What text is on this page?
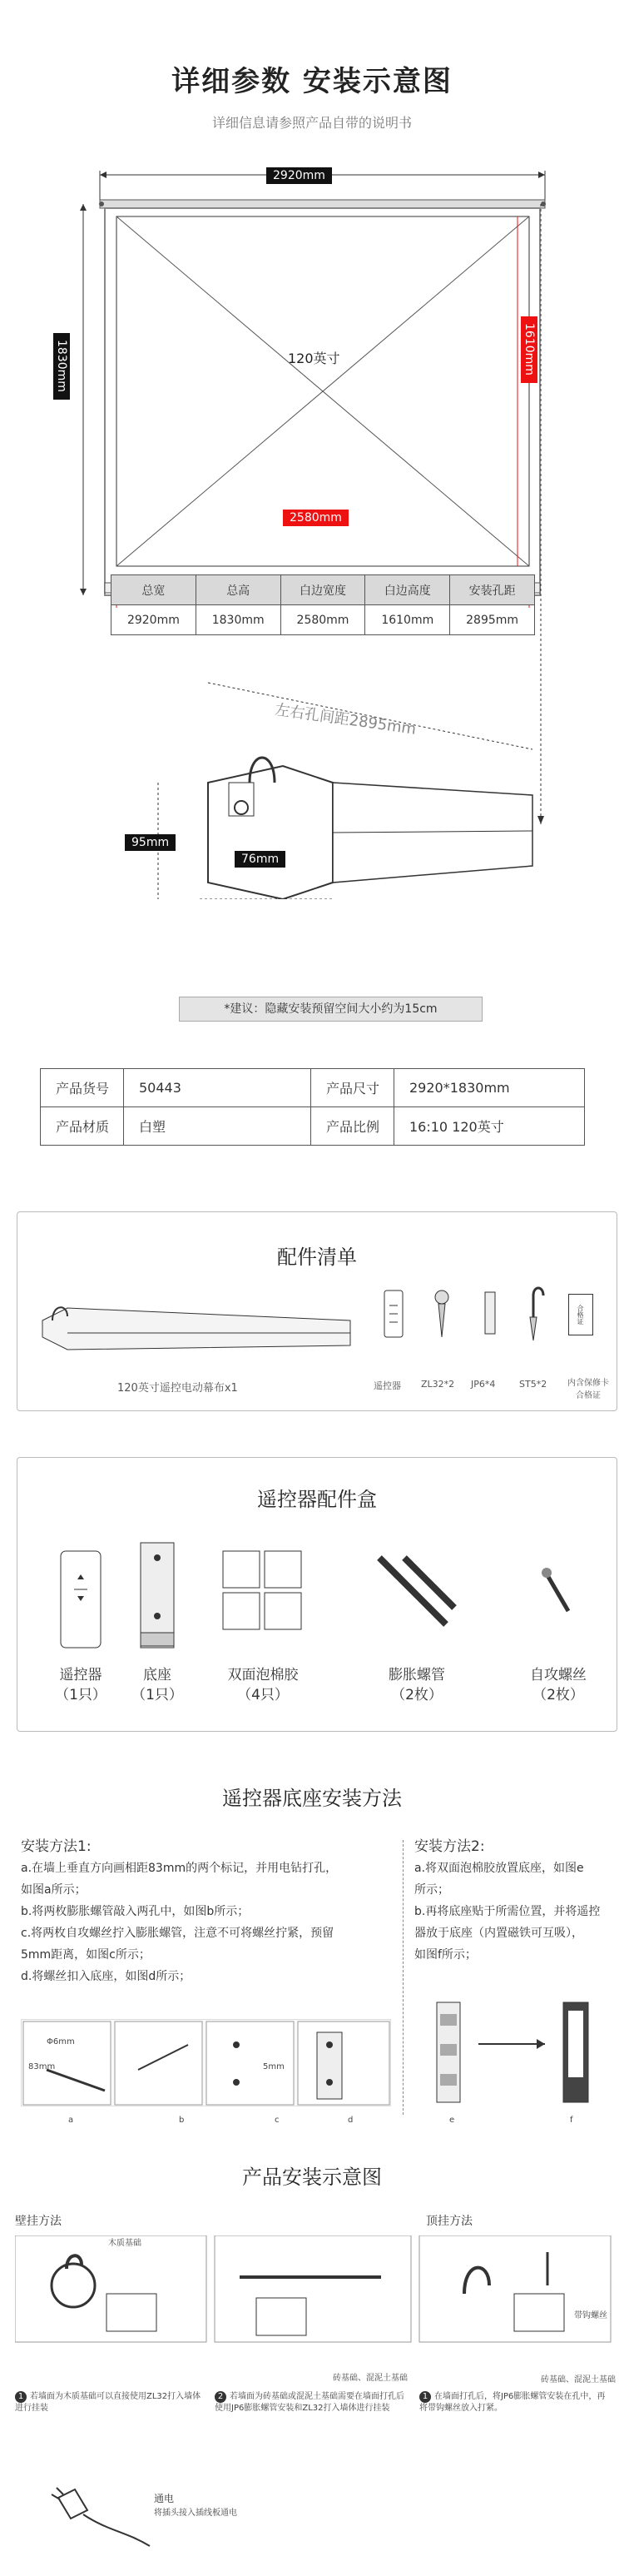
详细参数 安装示意图
详细信息请参照产品自带的说明书
2920mm
120英寸
1830mm	1610mm
2580mm
左右孔间距2895mm
95mm
76mm
总宽	总高	白边宽度	白边高度	安装孔距
2920mm	1830mm	2580mm	1610mm	2895mm
*建议：隐藏安装预留空间大小约为15cm
产品货号	50443	产品尺寸	2920*1830mm
产品材质	白塑	产品比例	16:10 120英寸
配件清单
120英寸遥控电动幕布x1
合格证
遥控器 ZL32*2 JP6*4	ST5*2	内含保修卡
合格证
遥控器配件盒
遥控器
（1只）
底座
（1只）
双面泡棉胶
（4只）
膨胀螺管
（2枚）
自攻螺丝
（2枚）
遥控器底座安装方法
安装方法1:
a.在墙上垂直方向画相距83mm的两个标记，并用电钻打孔，
如图a所示；
b.将两枚膨胀螺管敲入两孔中，如图b所示；
c.将两枚自攻螺丝拧入膨胀螺管，注意不可将螺丝拧紧，预留
5mm距离，如图c所示；
d.将螺丝扣入底座，如图d所示；
安装方法2:
a.将双面泡棉胶放置底座，如图e
所示；
b.再将底座贴于所需位置，并将遥控
器放于底座（内置磁铁可互吸），
如图f所示；
Φ6mm
83mm	5mm
a	b	c	d	e	f
产品安装示意图
壁挂方法	顶挂方法
木质基础
砖基础、混泥土基础
带钩螺丝
砖基础、混泥土基础
1 若墙面为木质基础可以直接使用ZL32打入墙体进行挂装
2 若墙面为砖基础或混泥土基础需要在墙面打孔后使用JP6膨胀螺管安装和ZL32打入墙体进行挂装
1 在墙面打孔后，将JP6膨胀螺管安装在孔中，再将带钩螺丝放入打紧。
通电
将插头接入插线板通电
